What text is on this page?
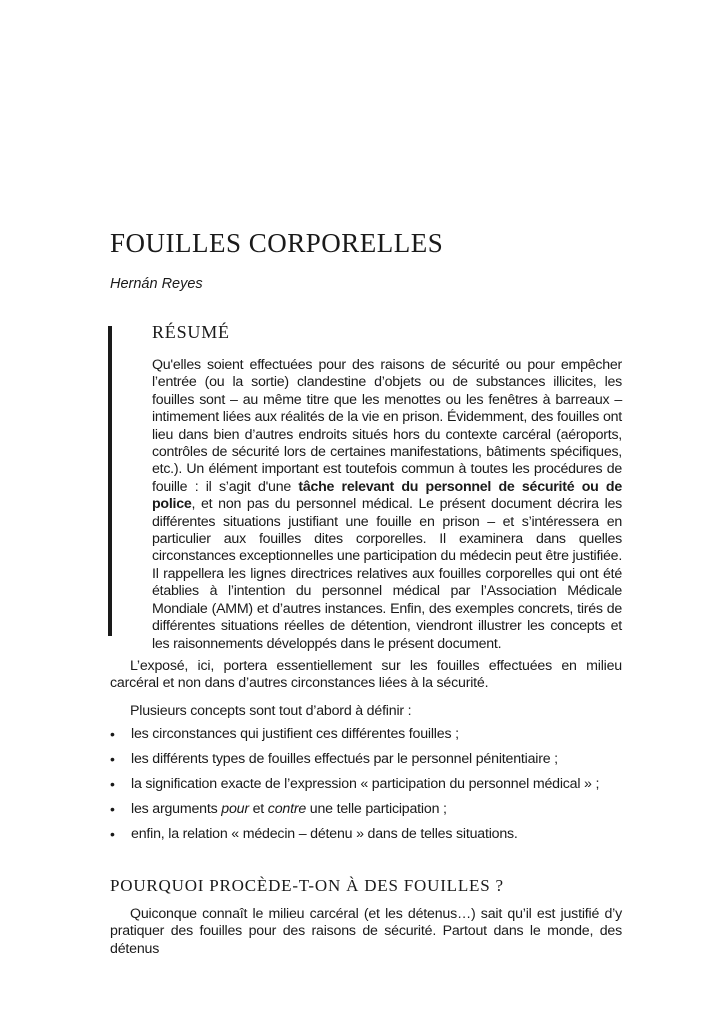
FOUILLES CORPORELLES

Hernán Reyes

RÉSUMÉ

Qu'elles soient effectuées pour des raisons de sécurité ou pour empêcher l’entrée (ou la sortie) clandestine d’objets ou de substances illicites, les fouilles sont – au même titre que les menottes ou les fenêtres à barreaux – intimement liées aux réalités de la vie en prison. Évidemment, des fouilles ont lieu dans bien d’autres endroits situés hors du contexte carcéral (aéroports, contrôles de sécurité lors de certaines manifestations, bâtiments spécifiques, etc.). Un élément important est toutefois commun à toutes les procédures de fouille : il s’agit d'une tâche relevant du personnel de sécurité ou de police, et non pas du personnel médical. Le présent document décrira les différentes situations justifiant une fouille en prison – et s’intéressera en particulier aux fouilles dites corporelles. Il examinera dans quelles circonstances exceptionnelles une participation du médecin peut être justifiée. Il rappellera les lignes directrices relatives aux fouilles corporelles qui ont été établies à l’intention du personnel médical par l’Association Médicale Mondiale (AMM) et d’autres instances. Enfin, des exemples concrets, tirés de différentes situations réelles de détention, viendront illustrer les concepts et les raisonnements développés dans le présent document.

L’exposé, ici, portera essentiellement sur les fouilles effectuées en milieu carcéral et non dans d’autres circonstances liées à la sécurité.

Plusieurs concepts sont tout d’abord à définir :

• les circonstances qui justifient ces différentes fouilles ;
• les différents types de fouilles effectués par le personnel pénitentiaire ;
• la signification exacte de l’expression « participation du personnel médical » ;
• les arguments pour et contre une telle participation ;
• enfin, la relation « médecin – détenu » dans de telles situations.
POURQUOI PROCÈDE-T-ON À DES FOUILLES ?

Quiconque connaît le milieu carcéral (et les détenus…) sait qu’il est justifié d’y pratiquer des fouilles pour des raisons de sécurité. Partout dans le monde, des détenus
